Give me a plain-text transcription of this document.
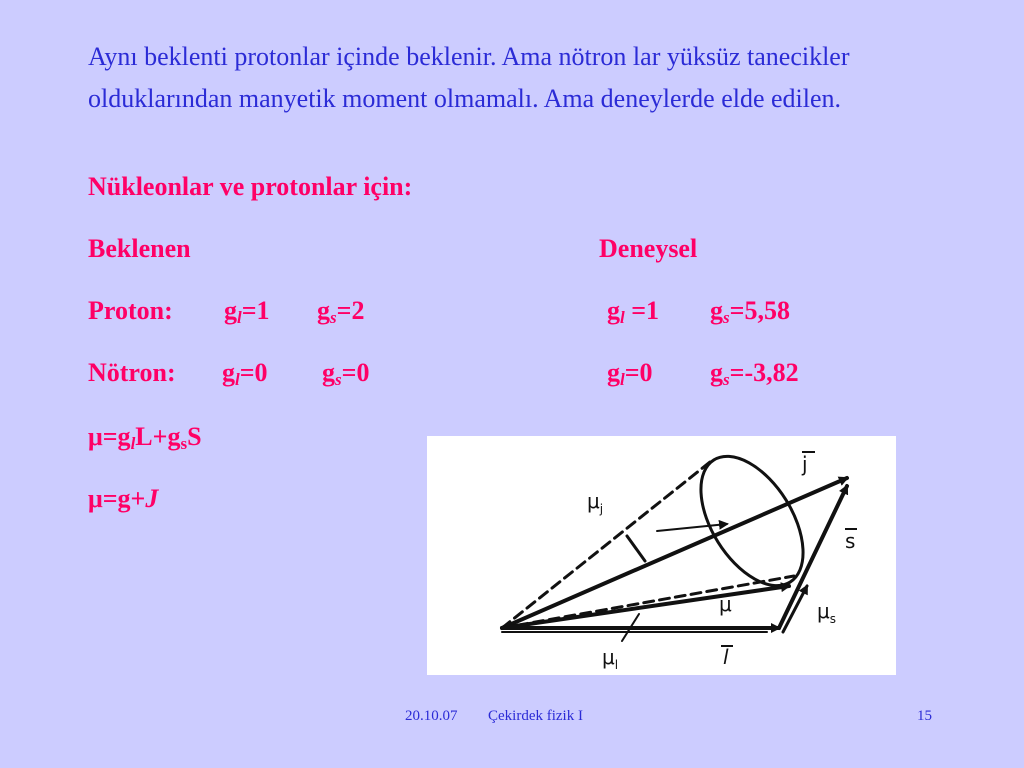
Aynı beklenti protonlar içinde beklenir. Ama nötron lar yüksüz tanecikler olduklarından manyetik moment olmamalı. Ama deneylerde elde edilen.
Nükleonlar ve protonlar için:
Beklenen	Deneysel
Proton: $g_l=1$ $g_s=2$	$g_l =1$ $g_s=5,58$
Nötron: $g_l=0$ $g_s=0$	$g_l=0$ $g_s=-3,82$
$\mu=g_lL+g_sS$
μ=g+J
j
s
$\mu_j$
μ	$\mu_s$
$\mu_l$	l
20.10.07 Çekirdek fizik I	15
